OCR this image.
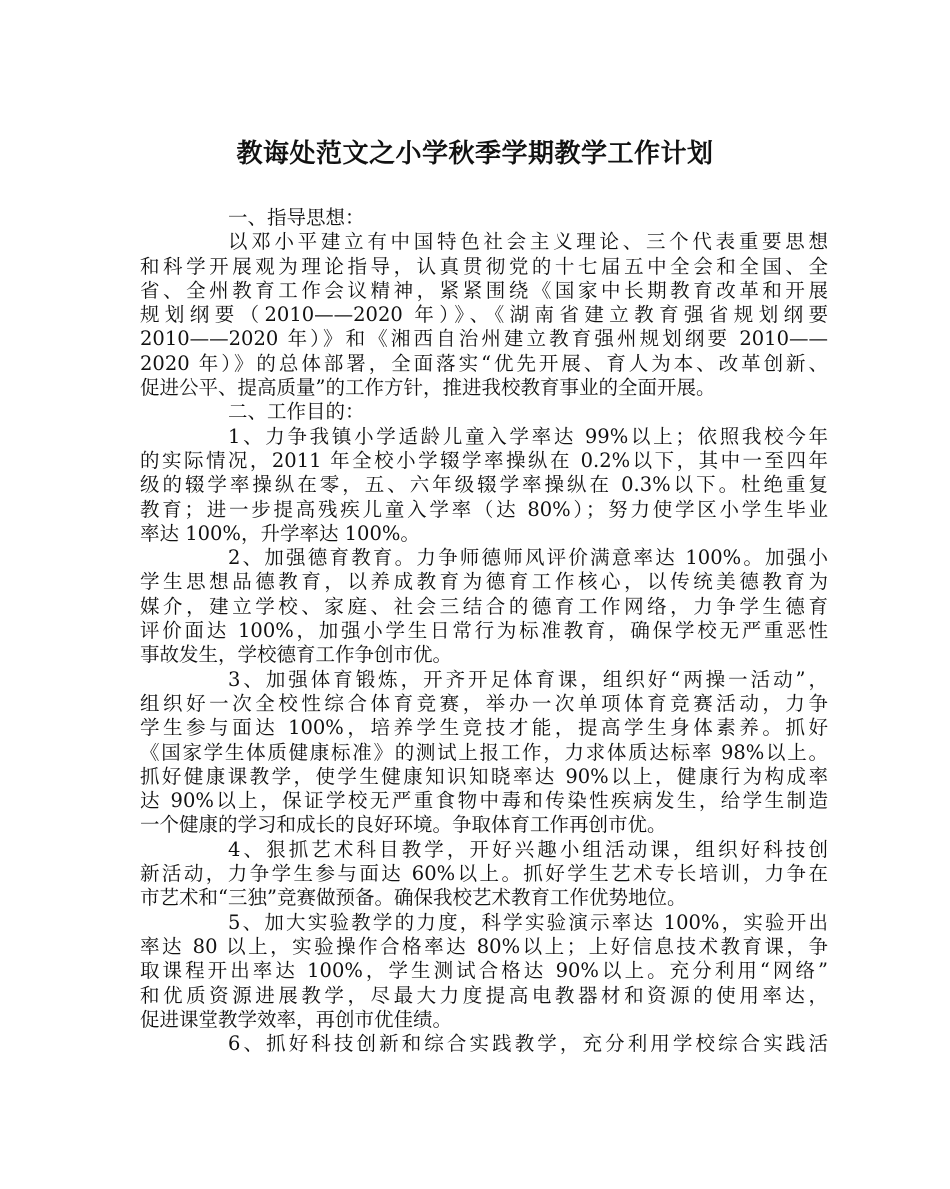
教诲处范文之小学秋季学期教学工作计划
一、指导思想：
以邓小平建立有中国特色社会主义理论、三个代表重要思想
和科学开展观为理论指导，认真贯彻党的十七届五中全会和全国、全
省、全州教育工作会议精神，紧紧围绕《国家中长期教育改革和开展
规划纲要（2010——2020 年）》、《湖南省建立教育强省规划纲要
2010——2020 年）》和《湘西自治州建立教育强州规划纲要 2010——
2020 年）》的总体部署，全面落实“优先开展、育人为本、改革创新、
促进公平、提高质量”的工作方针，推进我校教育事业的全面开展。
二、工作目的：
1、力争我镇小学适龄儿童入学率达 99%以上；依照我校今年
的实际情况，2011 年全校小学辍学率操纵在 0.2%以下，其中一至四年
级的辍学率操纵在零，五、六年级辍学率操纵在 0.3%以下。杜绝重复
教育；进一步提高残疾儿童入学率（达 80%）；努力使学区小学生毕业
率达 100%，升学率达 100%。
2、加强德育教育。力争师德师风评价满意率达 100%。加强小
学生思想品德教育，以养成教育为德育工作核心，以传统美德教育为
媒介，建立学校、家庭、社会三结合的德育工作网络，力争学生德育
评价面达 100%，加强小学生日常行为标准教育，确保学校无严重恶性
事故发生，学校德育工作争创市优。
3、加强体育锻炼，开齐开足体育课，组织好“两操一活动”，
组织好一次全校性综合体育竞赛，举办一次单项体育竞赛活动，力争
学生参与面达 100%，培养学生竞技才能，提高学生身体素养。抓好
《国家学生体质健康标准》的测试上报工作，力求体质达标率 98%以上。
抓好健康课教学，使学生健康知识知晓率达 90%以上，健康行为构成率
达 90%以上，保证学校无严重食物中毒和传染性疾病发生，给学生制造
一个健康的学习和成长的良好环境。争取体育工作再创市优。
4、狠抓艺术科目教学，开好兴趣小组活动课，组织好科技创
新活动，力争学生参与面达 60%以上。抓好学生艺术专长培训，力争在
市艺术和“三独”竞赛做预备。确保我校艺术教育工作优势地位。
5、加大实验教学的力度，科学实验演示率达 100%，实验开出
率达 80 以上，实验操作合格率达 80%以上；上好信息技术教育课，争
取课程开出率达 100%，学生测试合格达 90%以上。充分利用“网络”
和优质资源进展教学，尽最大力度提高电教器材和资源的使用率达，
促进课堂教学效率，再创市优佳绩。
6、抓好科技创新和综合实践教学，充分利用学校综合实践活
